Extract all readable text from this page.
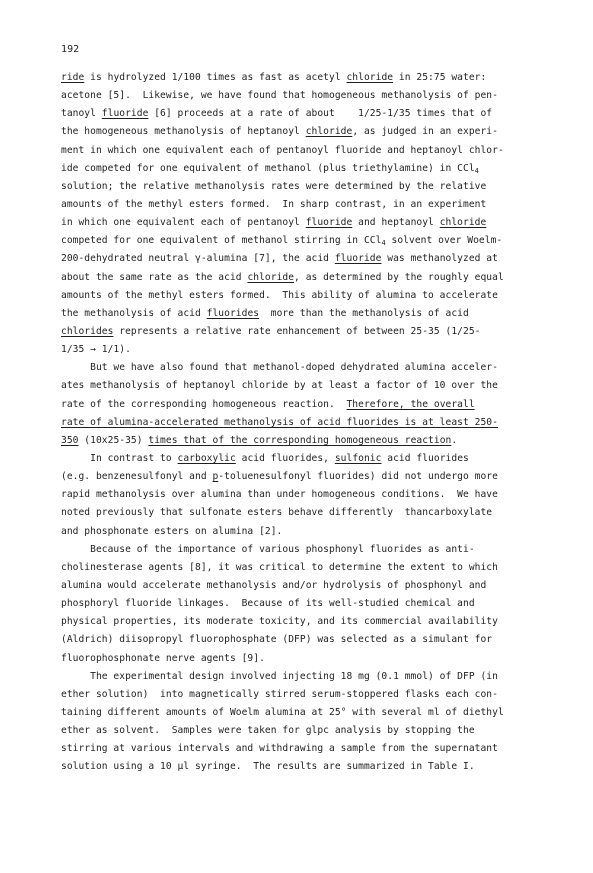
192
ride is hydrolyzed 1/100 times as fast as acetyl chloride in 25:75 water:
acetone [5].  Likewise, we have found that homogeneous methanolysis of pen-
tanoyl fluoride [6] proceeds at a rate of about    1/25-1/35 times that of
the homogeneous methanolysis of heptanoyl chloride, as judged in an experi-
ment in which one equivalent each of pentanoyl fluoride and heptanoyl chlor-
ide competed for one equivalent of methanol (plus triethylamine) in CCl$_4$
solution; the relative methanolysis rates were determined by the relative
amounts of the methyl esters formed.  In sharp contrast, in an experiment
in which one equivalent each of pentanoyl fluoride and heptanoyl chloride
competed for one equivalent of methanol stirring in CCl$_4$ solvent over Woelm-
200-dehydrated neutral γ-alumina [7], the acid fluoride was methanolyzed at
about the same rate as the acid chloride, as determined by the roughly equal
amounts of the methyl esters formed.  This ability of alumina to accelerate
the methanolysis of acid fluorides  more than the methanolysis of acid
chlorides represents a relative rate enhancement of between 25-35 (1/25-
1/35 → 1/1).
But we have also found that methanol-doped dehydrated alumina acceler-
ates methanolysis of heptanoyl chloride by at least a factor of 10 over the
rate of the corresponding homogeneous reaction.  Therefore, the overall
rate of alumina-accelerated methanolysis of acid fluorides is at least 250-
350 (10x25-35) times that of the corresponding homogeneous reaction.
In contrast to carboxylic acid fluorides, sulfonic acid fluorides
(e.g. benzenesulfonyl and p-toluenesulfonyl fluorides) did not undergo more
rapid methanolysis over alumina than under homogeneous conditions.  We have
noted previously that sulfonate esters behave differently  thancarboxylate
and phosphonate esters on alumina [2].
Because of the importance of various phosphonyl fluorides as anti-
cholinesterase agents [8], it was critical to determine the extent to which
alumina would accelerate methanolysis and/or hydrolysis of phosphonyl and
phosphoryl fluoride linkages.  Because of its well-studied chemical and
physical properties, its moderate toxicity, and its commercial availability
(Aldrich) diisopropyl fluorophosphate (DFP) was selected as a simulant for
fluorophosphonate nerve agents [9].
The experimental design involved injecting 18 mg (0.1 mmol) of DFP (in
ether solution)  into magnetically stirred serum-stoppered flasks each con-
taining different amounts of Woelm alumina at 25° with several ml of diethyl
ether as solvent.  Samples were taken for glpc analysis by stopping the
stirring at various intervals and withdrawing a sample from the supernatant
solution using a 10 µl syringe.  The results are summarized in Table I.
